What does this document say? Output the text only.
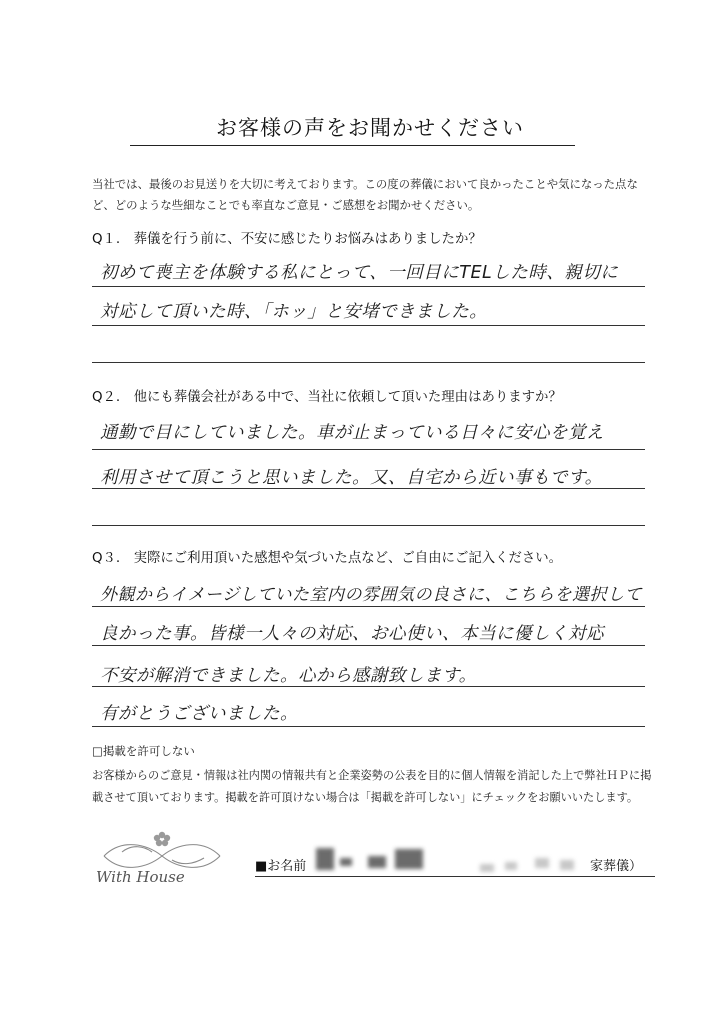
お客様の声をお聞かせください
当社では、最後のお見送りを大切に考えております。この度の葬儀において良かったことや気になった点など、どのような些細なことでも率直なご意見・ご感想をお聞かせください。
Q１.　葬儀を行う前に、不安に感じたりお悩みはありましたか？
初めて喪主を体験する私にとって、一回目にTELした時、親切に
対応して頂いた時、「ホッ」と安堵できました。
Q２.　他にも葬儀会社がある中で、当社に依頼して頂いた理由はありますか？
通勤で目にしていました。車が止まっている日々に安心を覚え
利用させて頂こうと思いました。又、自宅から近い事もです。
Q３.　実際にご利用頂いた感想や気づいた点など、ご自由にご記入ください。
外観からイメージしていた室内の雰囲気の良さに、こちらを選択して
良かった事。皆様一人々の対応、お心使い、本当に優しく対応
不安が解消できました。心から感謝致します。
有がとうございました。
□掲載を許可しない
お客様からのご意見・情報は社内関の情報共有と企業姿勢の公表を目的に個人情報を消記した上で弊社ＨＰに掲載させて頂いております。掲載を許可頂けない場合は「掲載を許可しない」にチェックをお願いいたします。
With House
■お名前	家葬儀）
